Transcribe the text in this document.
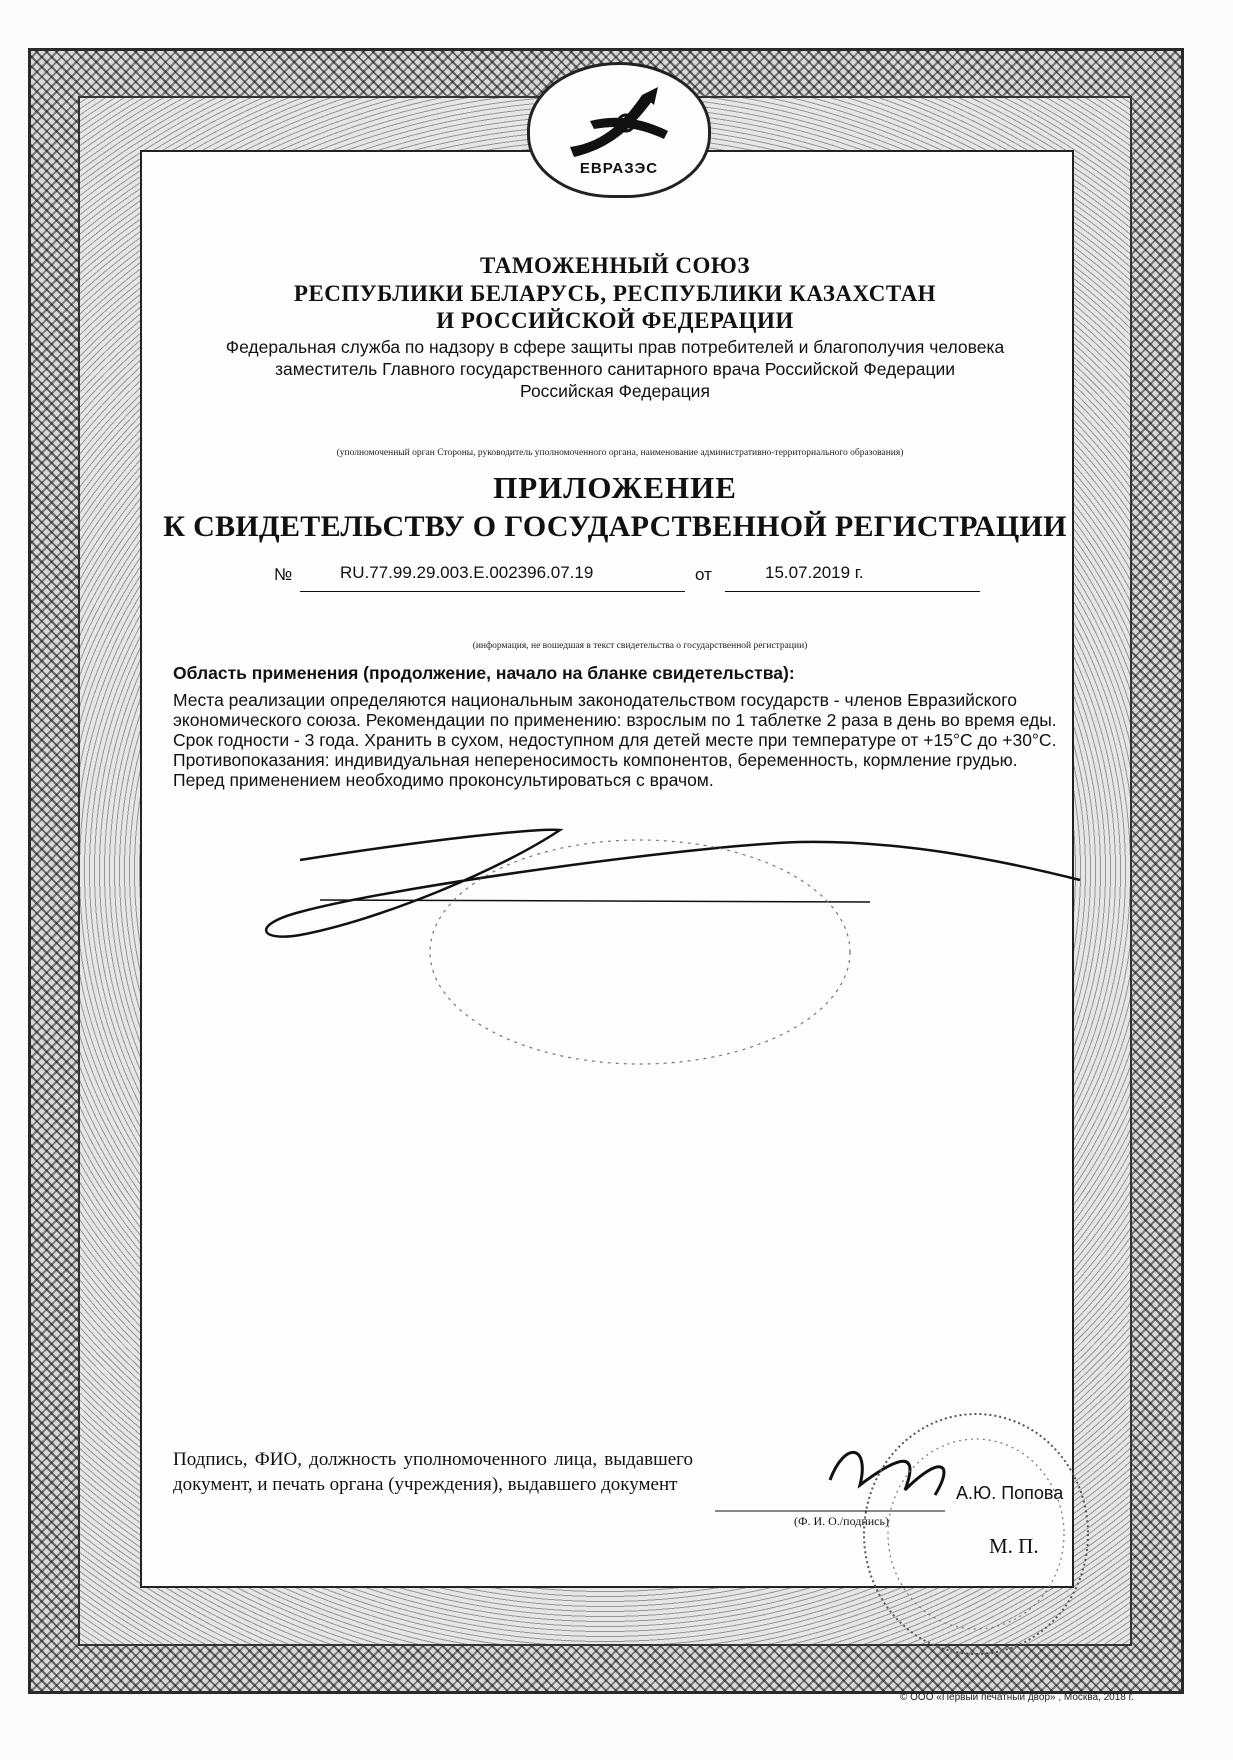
ЕВРАЗЭС
ТАМОЖЕННЫЙ СОЮЗ
РЕСПУБЛИКИ БЕЛАРУСЬ, РЕСПУБЛИКИ КАЗАХСТАН
И РОССИЙСКОЙ ФЕДЕРАЦИИ
Федеральная служба по надзору в сфере защиты прав потребителей и благополучия человека
заместитель Главного государственного санитарного врача Российской Федерации
Российская Федерация
(уполномоченный орган Стороны, руководитель уполномоченного органа, наименование административно-территориального образования)
ПРИЛОЖЕНИЕ
К СВИДЕТЕЛЬСТВУ О ГОСУДАРСТВЕННОЙ РЕГИСТРАЦИИ
№	RU.77.99.29.003.E.002396.07.19	от	15.07.2019 г.
(информация, не вошедшая в текст свидетельства о государственной регистрации)
Область применения (продолжение, начало на бланке свидетельства):
Места реализации определяются национальным законодательством государств - членов Евразийского экономического союза. Рекомендации по применению: взрослым по 1 таблетке 2 раза в день во время еды. Срок годности - 3 года. Хранить в сухом, недоступном для детей месте при температуре от +15°С до +30°С. Противопоказания: индивидуальная непереносимость компонентов, беременность, кормление грудью. Перед применением необходимо проконсультироваться с врачом.
Подпись, ФИО, должность уполномоченного лица, выдавшего документ, и печать органа (учреждения), выдавшего документ	А.Ю. Попова
(Ф. И. О./подпись)
М. П.
© ООО «Первый печатный двор» , Москва, 2018 г.
